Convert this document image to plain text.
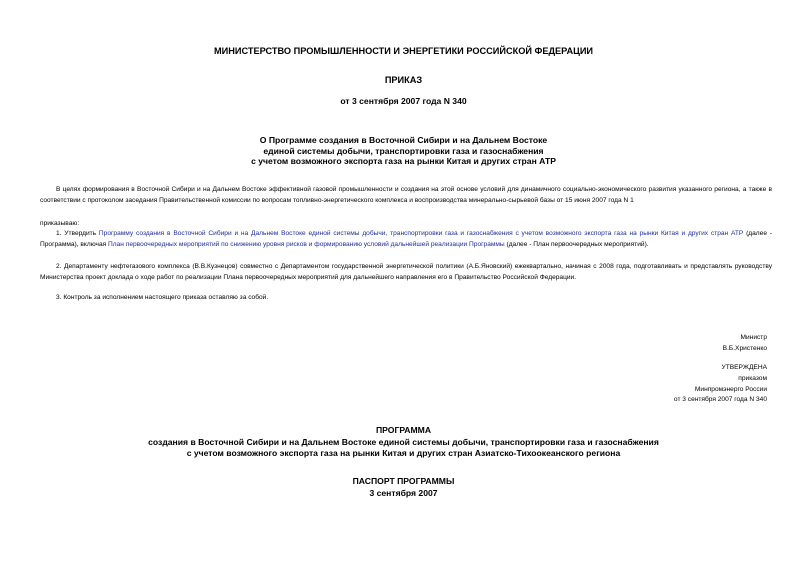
МИНИСТЕРСТВО ПРОМЫШЛЕННОСТИ И ЭНЕРГЕТИКИ РОССИЙСКОЙ ФЕДЕРАЦИИ
ПРИКАЗ
от 3 сентября 2007 года N 340
О Программе создания в Восточной Сибири и на Дальнем Востоке
единой системы добычи, транспортировки газа и газоснабжения
с учетом возможного экспорта газа на рынки Китая и других стран АТР
В целях формирования в Восточной Сибири и на Дальнем Востоке эффективной газовой промышленности и создания на этой основе условий для динамичного социально-экономического развития указанного региона, а также в соответствии с протоколом заседания Правительственной комиссии по вопросам топливно-энергетического комплекса и воспроизводства минерально-сырьевой базы от 15 июня 2007 года N 1
приказываю:
1. Утвердить Программу создания в Восточной Сибири и на Дальнем Востоке единой системы добычи, транспортировки газа и газоснабжения с учетом возможного экспорта газа на рынки Китая и других стран АТР (далее - Программа), включая План первоочередных мероприятий по снижению уровня рисков и формированию условий дальнейшей реализации Программы (далее - План первоочередных мероприятий).
2. Департаменту нефтегазового комплекса (В.В.Кузнецов) совместно с Департаментом государственной энергетической политики (А.Б.Яновский) ежеквартально, начиная с 2008 года, подготавливать и представлять руководству Министерства проект доклада о ходе работ по реализации Плана первоочередных мероприятий для дальнейшего направления его в Правительство Российской Федерации.
3. Контроль за исполнением настоящего приказа оставляю за собой.
Министр
В.Б.Христенко
УТВЕРЖДЕНА
приказом
Минпромэнерго России
от 3 сентября 2007 года N 340
ПРОГРАММА
создания в Восточной Сибири и на Дальнем Востоке единой системы добычи, транспортировки газа и газоснабжения
с учетом возможного экспорта газа на рынки Китая и других стран Азиатско-Тихоокеанского региона
ПАСПОРТ ПРОГРАММЫ
3 сентября 2007
